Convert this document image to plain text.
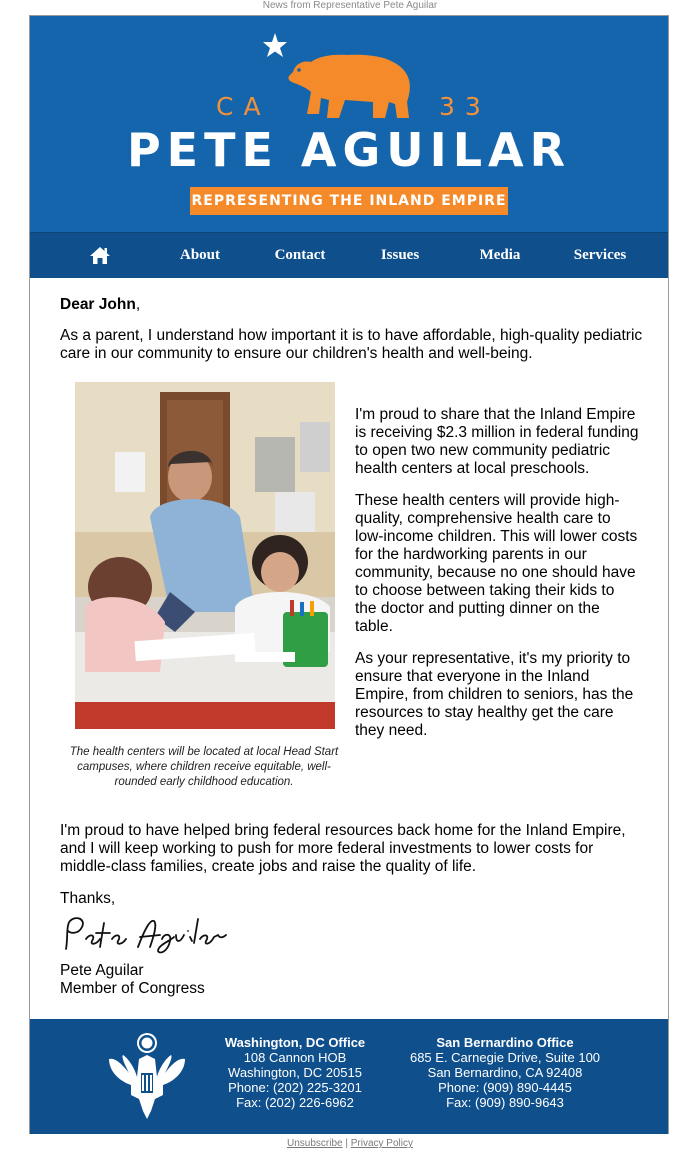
News from Representative Pete Aguilar
CA	33
PETE AGUILAR
REPRESENTING THE INLAND EMPIRE
About	Contact	Issues	Media	Services
Dear John,
As a parent, I understand how important it is to have affordable, high-quality pediatric care in our community to ensure our children's health and well-being.
The health centers will be located at local Head Start campuses, where children receive equitable, well-rounded early childhood education.

I'm proud to share that the Inland Empire is receiving $2.3 million in federal funding to open two new community pediatric health centers at local preschools.

These health centers will provide high-quality, comprehensive health care to low-income children. This will lower costs for the hardworking parents in our community, because no one should have to choose between taking their kids to the doctor and putting dinner on the table.

As your representative, it's my priority to ensure that everyone in the Inland Empire, from children to seniors, has the resources to stay healthy get the care they need.

I'm proud to have helped bring federal resources back home for the Inland Empire, and I will keep working to push for more federal investments to lower costs for middle-class families, create jobs and raise the quality of life.
Thanks,
Pete Aguilar
Member of Congress
Washington, DC Office
108 Cannon HOB
Washington, DC 20515
Phone: (202) 225-3201
Fax: (202) 226-6962
San Bernardino Office
685 E. Carnegie Drive, Suite 100
San Bernardino, CA 92408
Phone: (909) 890-4445
Fax: (909) 890-9643
Unsubscribe | Privacy Policy
